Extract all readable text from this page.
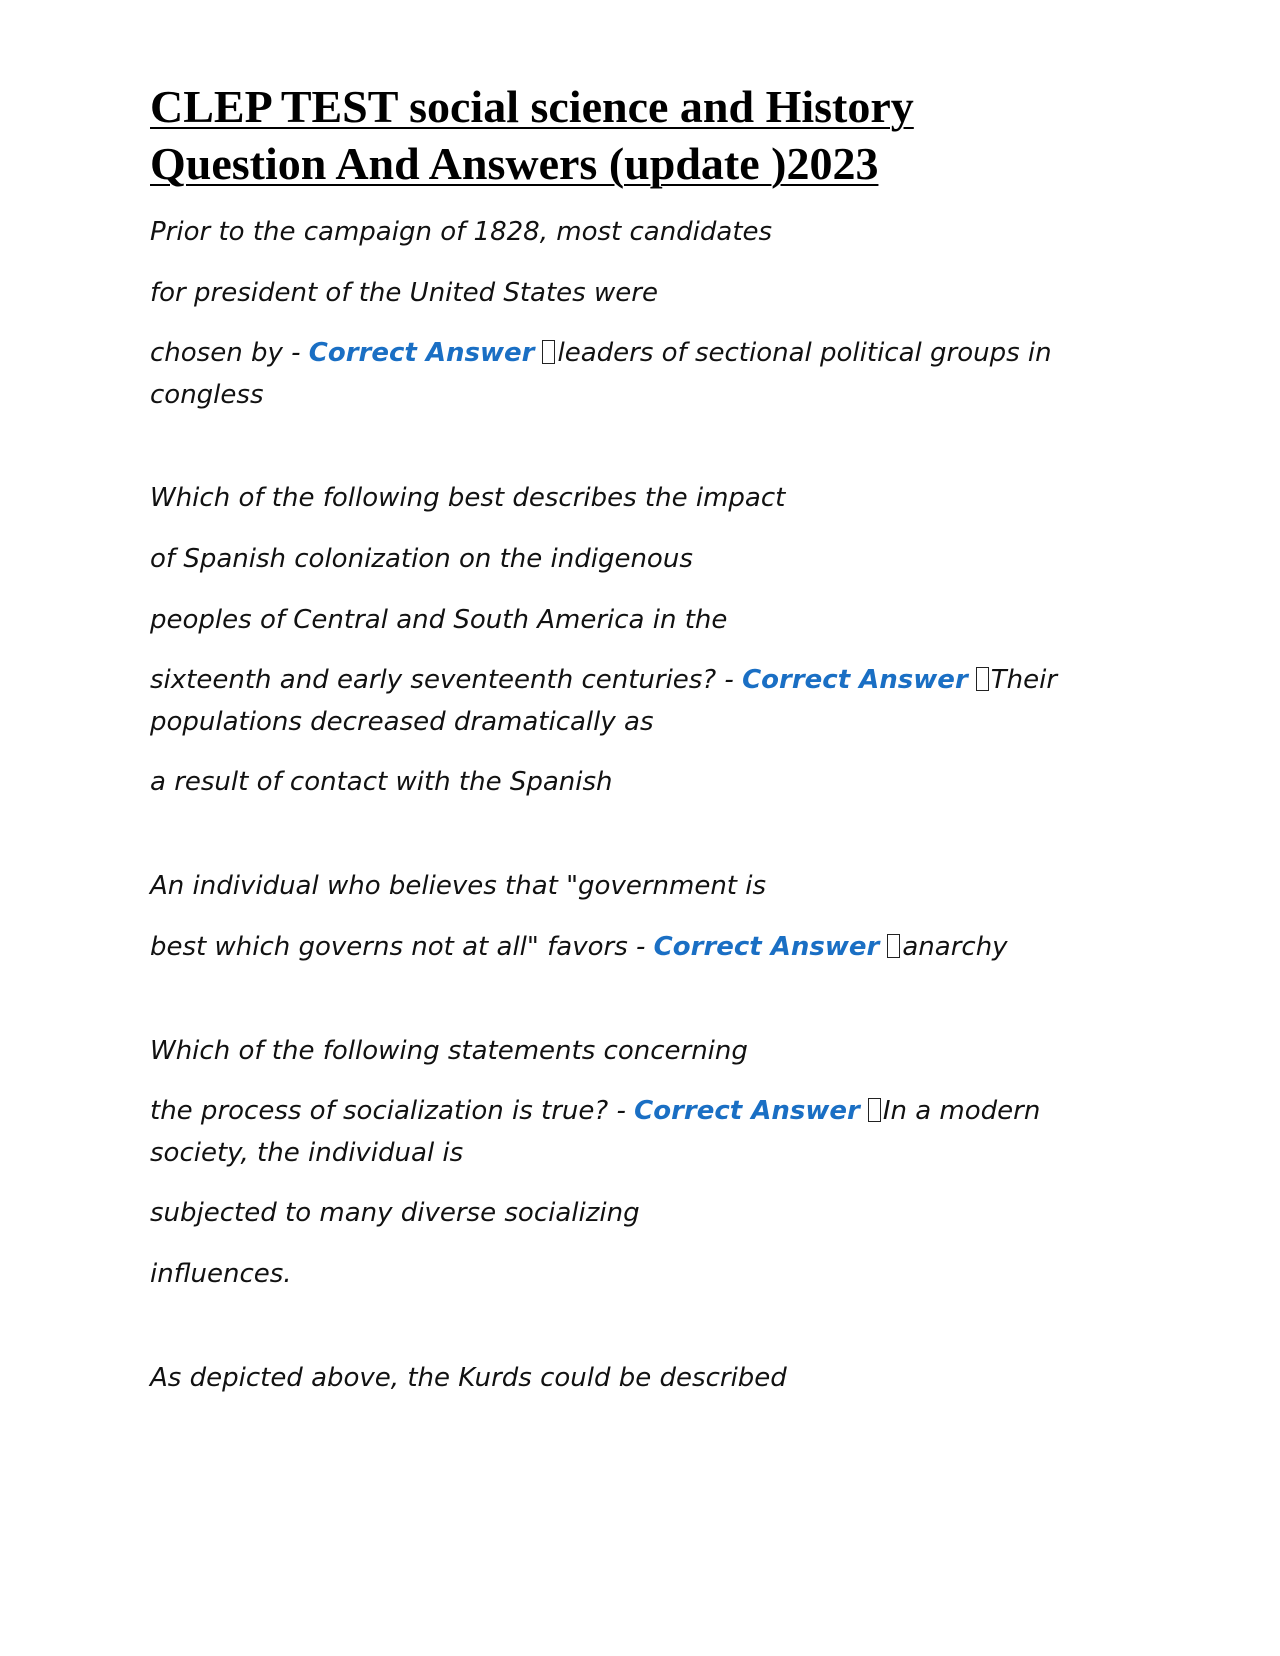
CLEP TEST social science and History
Question And Answers (update )2023

Prior to the campaign of 1828, most candidates

for president of the United States were

chosen by - Correct Answer leaders of sectional political groups in congless

Which of the following best describes the impact

of Spanish colonization on the indigenous

peoples of Central and South America in the

sixteenth and early seventeenth centuries? - Correct Answer Their populations decreased dramatically as

a result of contact with the Spanish

An individual who believes that "government is

best which governs not at all" favors - Correct Answer anarchy

Which of the following statements concerning

the process of socialization is true? - Correct Answer In a modern society, the individual is

subjected to many diverse socializing

influences.

As depicted above, the Kurds could be described
